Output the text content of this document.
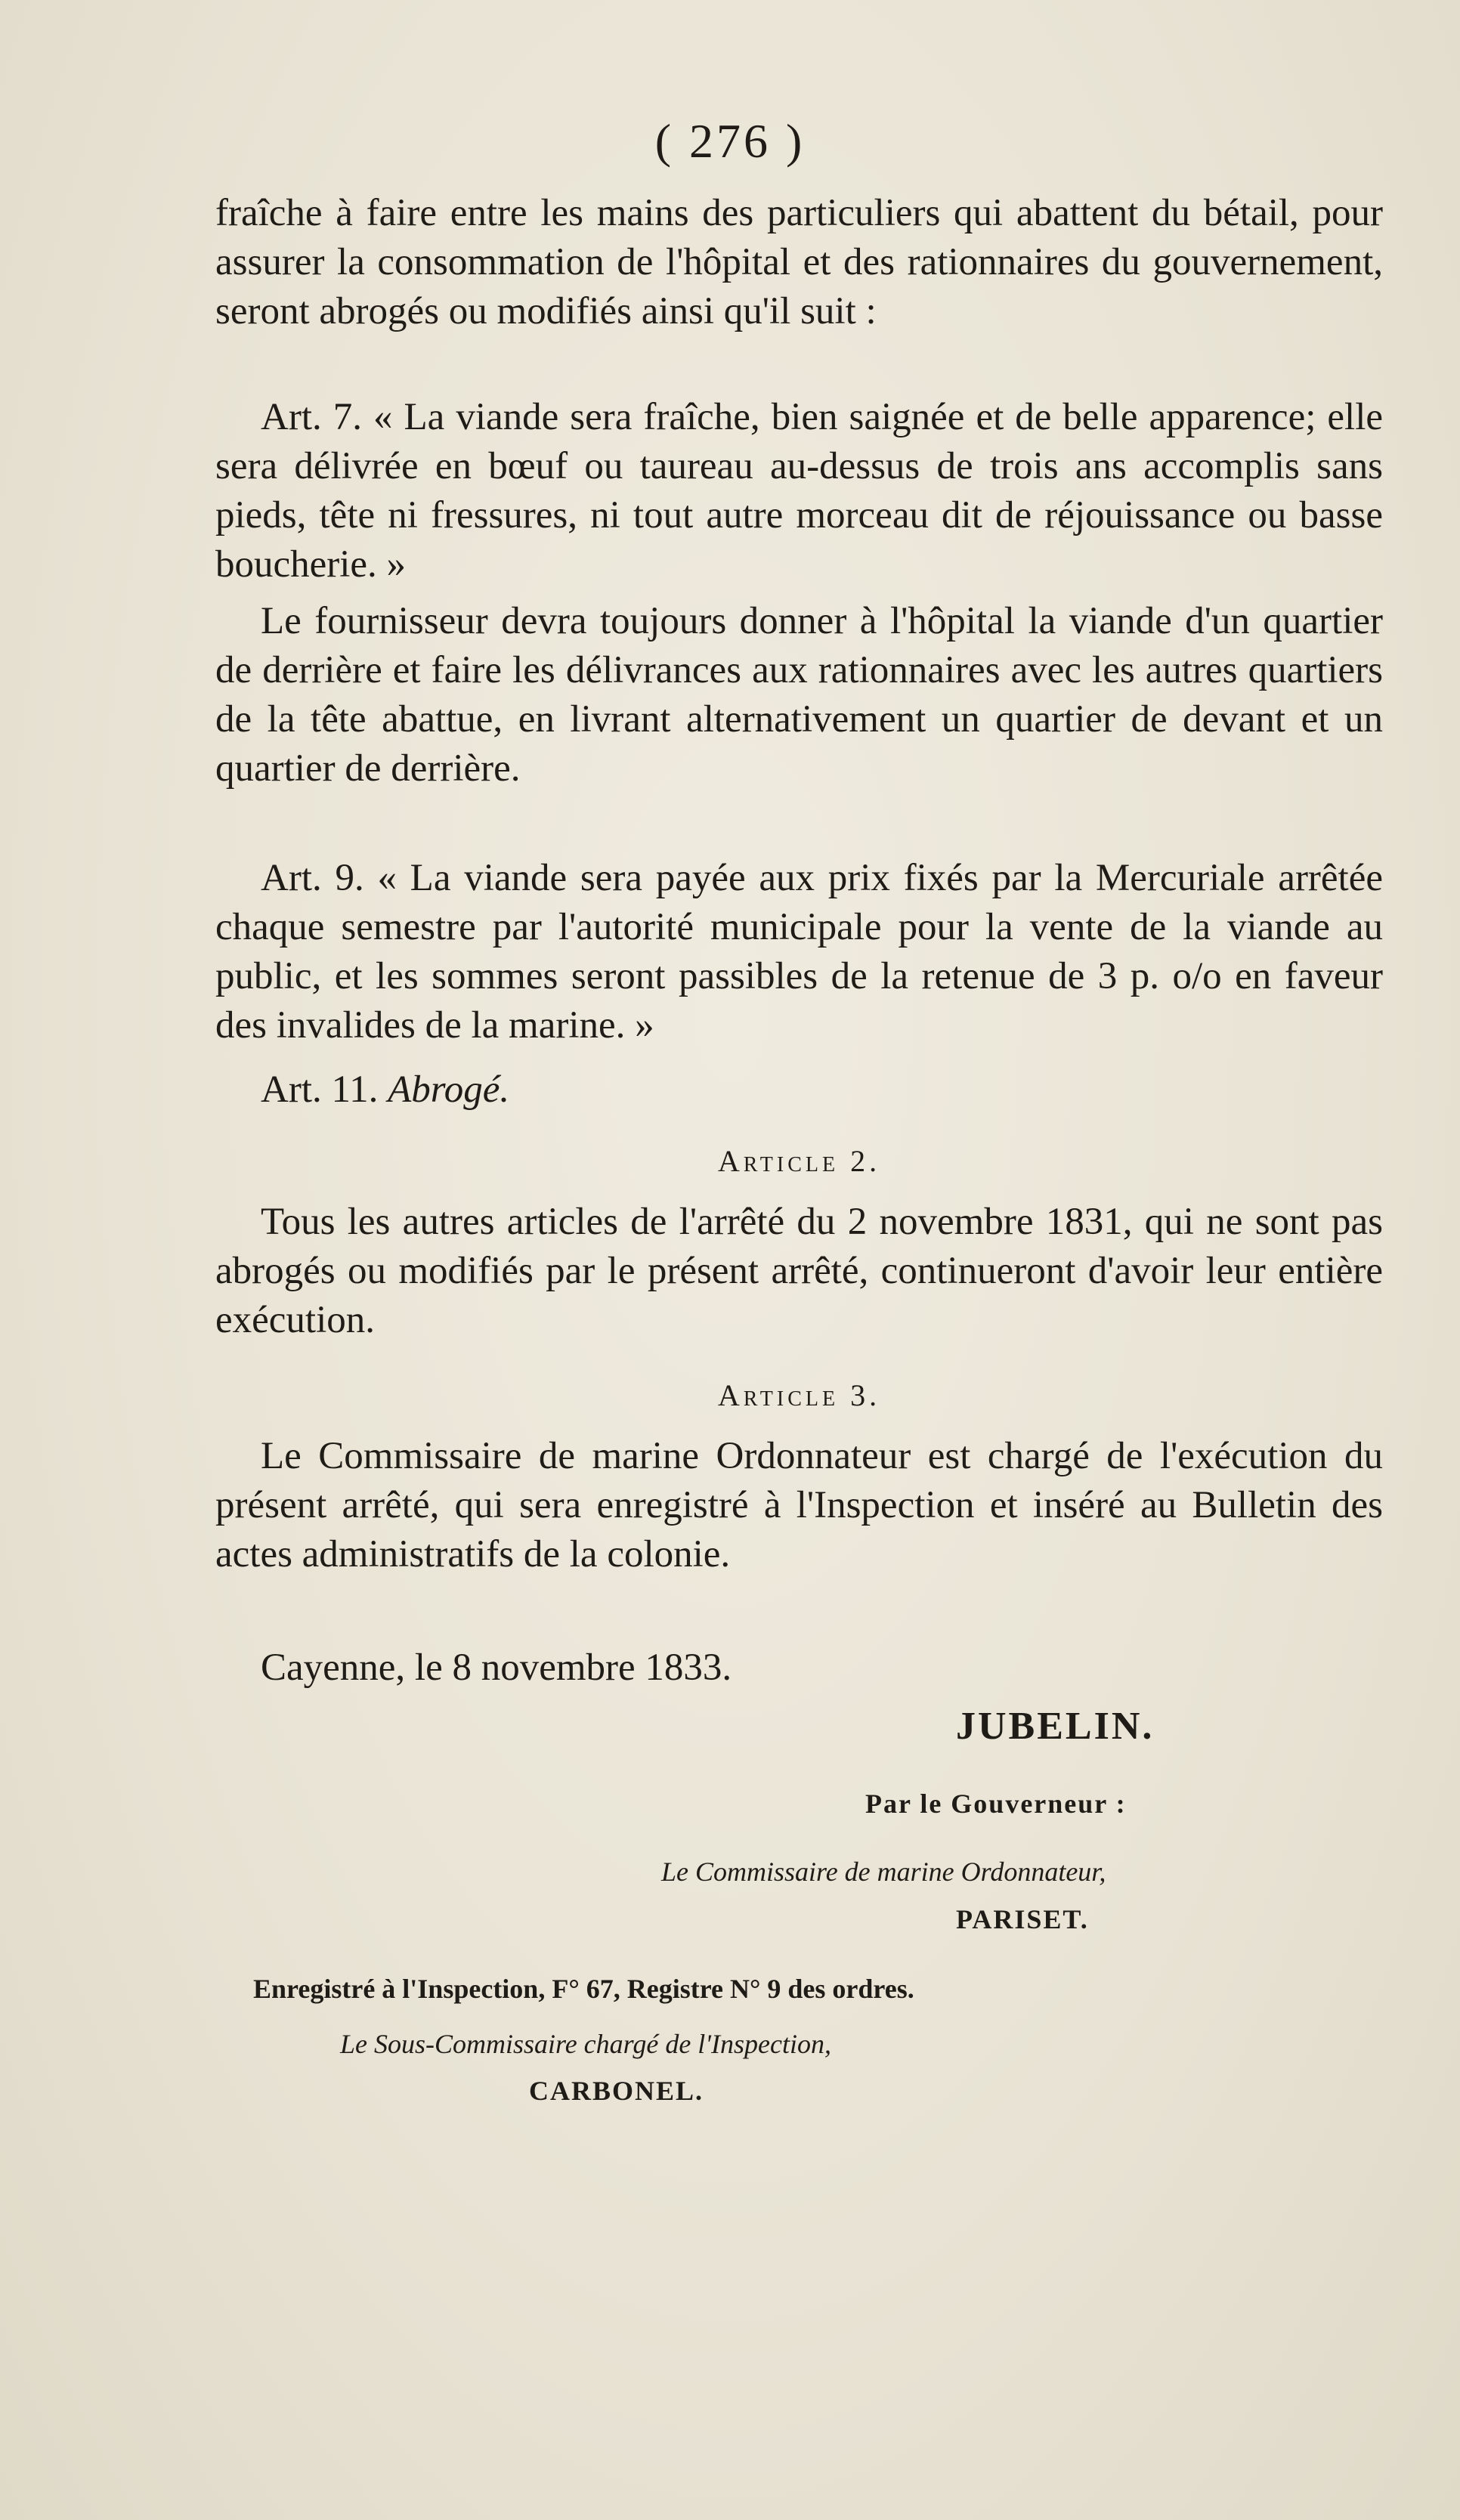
( 276 )

fraîche à faire entre les mains des particuliers qui abattent du bétail, pour assurer la consommation de l'hôpital et des rationnaires du gouvernement, seront abrogés ou modifiés ainsi qu'il suit :

Art. 7. « La viande sera fraîche, bien saignée et de belle apparence; elle sera délivrée en bœuf ou taureau au-dessus de trois ans accomplis sans pieds, tête ni fressures, ni tout autre morceau dit de réjouissance ou basse boucherie. »

Le fournisseur devra toujours donner à l'hôpital la viande d'un quartier de derrière et faire les délivrances aux rationnaires avec les autres quartiers de la tête abattue, en livrant alternativement un quartier de devant et un quartier de derrière.

Art. 9. « La viande sera payée aux prix fixés par la Mercuriale arrêtée chaque semestre par l'autorité municipale pour la vente de la viande au public, et les sommes seront passibles de la retenue de 3 p. o/o en faveur des invalides de la marine. »

Art. 11. Abrogé.

Article 2.

Tous les autres articles de l'arrêté du 2 novembre 1831, qui ne sont pas abrogés ou modifiés par le présent arrêté, continueront d'avoir leur entière exécution.

Article 3.

Le Commissaire de marine Ordonnateur est chargé de l'exécution du présent arrêté, qui sera enregistré à l'Inspection et inséré au Bulletin des actes administratifs de la colonie.

Cayenne, le 8 novembre 1833.

JUBELIN.
Par le Gouverneur :
Le Commissaire de marine Ordonnateur,
PARISET.
Enregistré à l'Inspection, F° 67, Registre N° 9 des ordres.
Le Sous-Commissaire chargé de l'Inspection,
CARBONEL.
